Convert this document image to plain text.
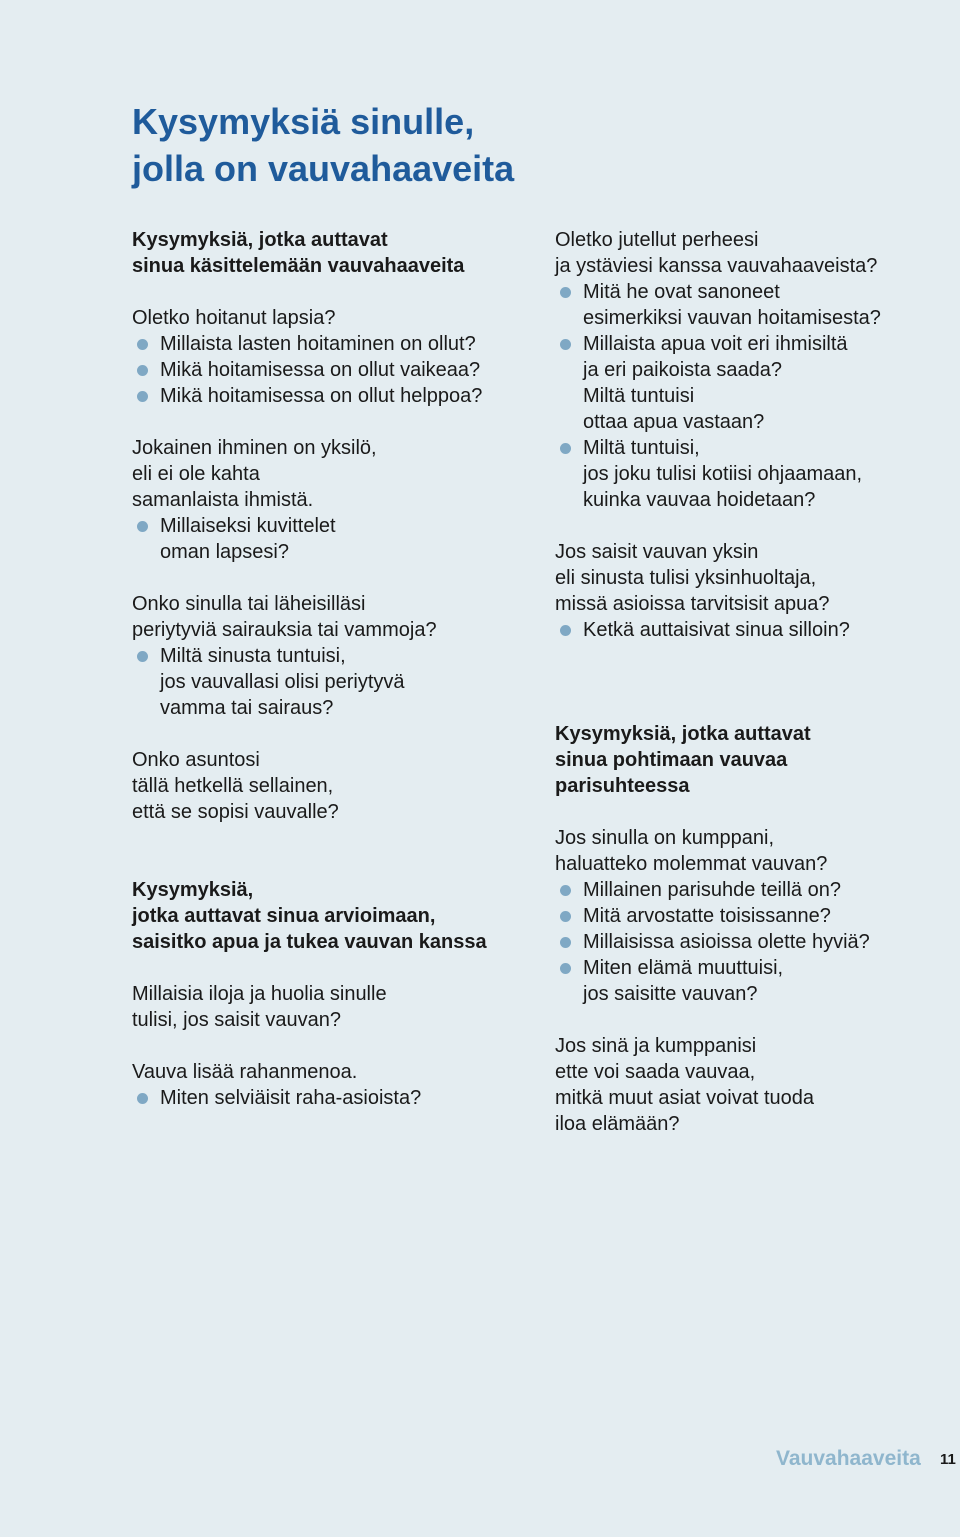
Kysymyksiä sinulle,
jolla on vauvahaaveita
Kysymyksiä, jotka auttavat
sinua käsittelemään vauvahaaveita
Oletko hoitanut lapsia?
Millaista lasten hoitaminen on ollut?
Mikä hoitamisessa on ollut vaikeaa?
Mikä hoitamisessa on ollut helppoa?
Jokainen ihminen on yksilö,
eli ei ole kahta
samanlaista ihmistä.
Millaiseksi kuvittelet
oman lapsesi?
Onko sinulla tai läheisilläsi
periytyviä sairauksia tai vammoja?
Miltä sinusta tuntuisi,
jos vauvallasi olisi periytyvä
vamma tai sairaus?
Onko asuntosi
tällä hetkellä sellainen,
että se sopisi vauvalle?
Kysymyksiä,
jotka auttavat sinua arvioimaan,
saisitko apua ja tukea vauvan kanssa
Millaisia iloja ja huolia sinulle
tulisi, jos saisit vauvan?
Vauva lisää rahanmenoa.
Miten selviäisit raha-asioista?
Oletko jutellut perheesi
ja ystäviesi kanssa vauvahaaveista?
Mitä he ovat sanoneet
esimerkiksi vauvan hoitamisesta?
Millaista apua voit eri ihmisiltä
ja eri paikoista saada?
Miltä tuntuisi
ottaa apua vastaan?
Miltä tuntuisi,
jos joku tulisi kotiisi ohjaamaan,
kuinka vauvaa hoidetaan?
Jos saisit vauvan yksin
eli sinusta tulisi yksinhuoltaja,
missä asioissa tarvitsisit apua?
Ketkä auttaisivat sinua silloin?
Kysymyksiä, jotka auttavat
sinua pohtimaan vauvaa
parisuhteessa
Jos sinulla on kumppani,
haluatteko molemmat vauvan?
Millainen parisuhde teillä on?
Mitä arvostatte toisissanne?
Millaisissa asioissa olette hyviä?
Miten elämä muuttuisi,
jos saisitte vauvan?
Jos sinä ja kumppanisi
ette voi saada vauvaa,
mitkä muut asiat voivat tuoda
iloa elämään?
Vauvahaaveita 11
